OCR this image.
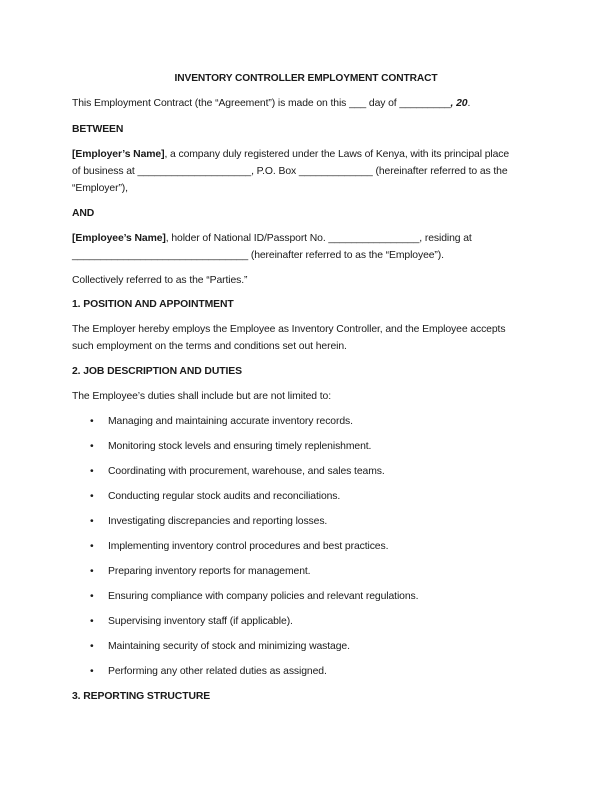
INVENTORY CONTROLLER EMPLOYMENT CONTRACT
This Employment Contract (the “Agreement”) is made on this ___ day of _________, 20.
BETWEEN
[Employer’s Name], a company duly registered under the Laws of Kenya, with its principal place
of business at ____________________, P.O. Box _____________ (hereinafter referred to as the
“Employer”),
AND
[Employee’s Name], holder of National ID/Passport No. ________________, residing at
_______________________________ (hereinafter referred to as the “Employee”).
Collectively referred to as the “Parties.”
1. POSITION AND APPOINTMENT
The Employer hereby employs the Employee as Inventory Controller, and the Employee accepts
such employment on the terms and conditions set out herein.
2. JOB DESCRIPTION AND DUTIES
The Employee’s duties shall include but are not limited to:
• Managing and maintaining accurate inventory records.
• Monitoring stock levels and ensuring timely replenishment.
• Coordinating with procurement, warehouse, and sales teams.
• Conducting regular stock audits and reconciliations.
• Investigating discrepancies and reporting losses.
• Implementing inventory control procedures and best practices.
• Preparing inventory reports for management.
• Ensuring compliance with company policies and relevant regulations.
• Supervising inventory staff (if applicable).
• Maintaining security of stock and minimizing wastage.
• Performing any other related duties as assigned.
3. REPORTING STRUCTURE
